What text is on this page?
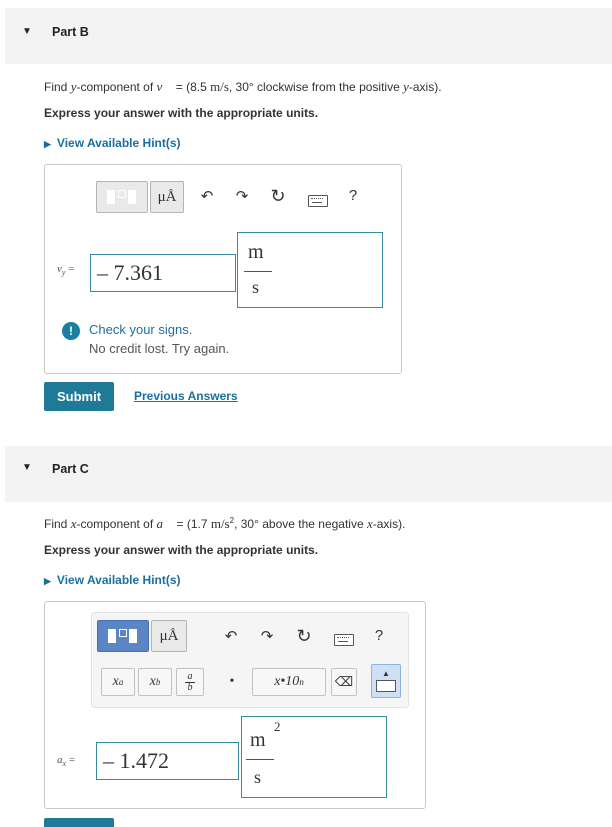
▼ Part B
Find y-component of v⃗ = (8.5 m/s, 30° clockwise from the positive y-axis).
Express your answer with the appropriate units.
▶ View Available Hint(s)
μÅ ↶ ↷ ↻	?
$v_y$ =	– 7.361
m
s
!	Check your signs.
No credit lost. Try again.
Submit	Previous Answers
▼ Part C
Find x-component of a⃗ = (1.7 $m/s^2$, 30° above the negative x-axis).
Express your answer with the appropriate units.
▶ View Available Hint(s)
μÅ	↶ ↷ ↻	?
x a x b
a
b	•	x•10 n ⌫
▲
$a_x$ =	– 1.472
m
2
s
